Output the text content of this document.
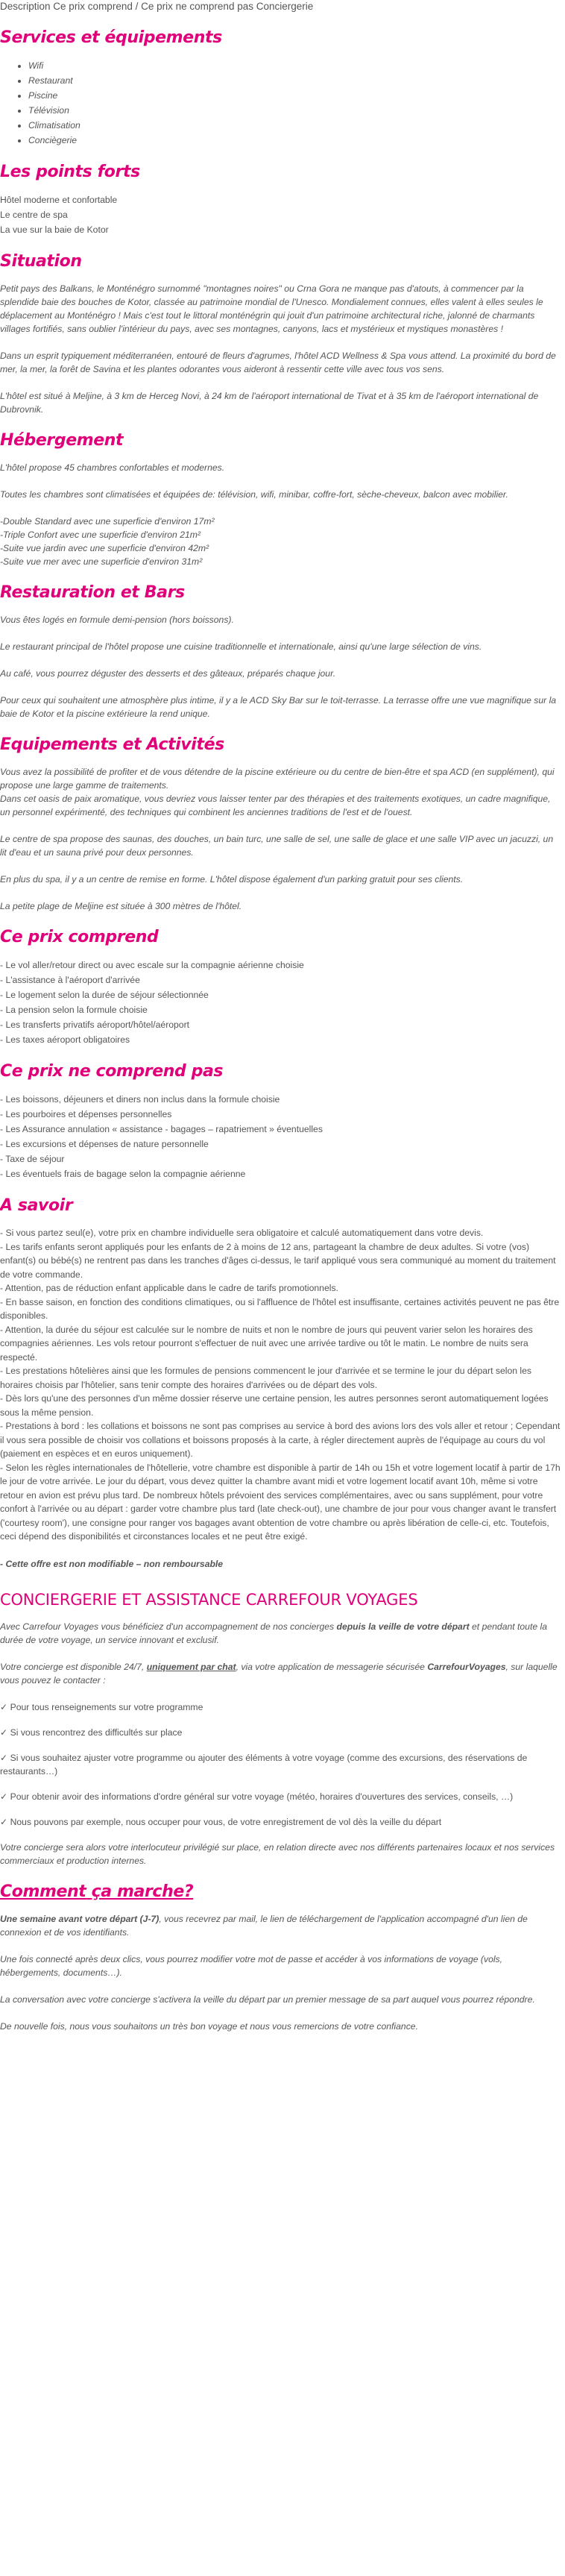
Description Ce prix comprend / Ce prix ne comprend pas Conciergerie
Services et équipements
• Wifi
• Restaurant
• Piscine
• Télévision
• Climatisation
• Conciègerie
Les points forts
Hôtel moderne et confortable
Le centre de spa
La vue sur la baie de Kotor
Situation

Petit pays des Balkans, le Monténégro surnommé "montagnes noires" ou Crna Gora ne manque pas d'atouts, à commencer par la splendide baie des bouches de Kotor, classée au patrimoine mondial de l'Unesco. Mondialement connues, elles valent à elles seules le déplacement au Monténégro ! Mais c'est tout le littoral monténégrin qui jouit d'un patrimoine architectural riche, jalonné de charmants villages fortifiés, sans oublier l'intérieur du pays, avec ses montagnes, canyons, lacs et mystérieux et mystiques monastères !

Dans un esprit typiquement méditerranéen, entouré de fleurs d'agrumes, l'hôtel ACD Wellness & Spa vous attend. La proximité du bord de mer, la mer, la forêt de Savina et les plantes odorantes vous aideront à ressentir cette ville avec tous vos sens.

L'hôtel est situé à Meljine, à 3 km de Herceg Novi, à 24 km de l'aéroport international de Tivat et à 35 km de l'aéroport international de Dubrovnik.

Hébergement

L'hôtel propose 45 chambres confortables et modernes.

Toutes les chambres sont climatisées et équipées de: télévision, wifi, minibar, coffre-fort, sèche-cheveux, balcon avec mobilier.

-Double Standard avec une superficie d'environ 17m²
-Triple Confort avec une superficie d'environ 21m²
-Suite vue jardin avec une superficie d'environ 42m²
-Suite vue mer avec une superficie d'environ 31m²

Restauration et Bars

Vous êtes logés en formule demi-pension (hors boissons).

Le restaurant principal de l'hôtel propose une cuisine traditionnelle et internationale, ainsi qu'une large sélection de vins.

Au café, vous pourrez déguster des desserts et des gâteaux, préparés chaque jour.

Pour ceux qui souhaitent une atmosphère plus intime, il y a le ACD Sky Bar sur le toit-terrasse. La terrasse offre une vue magnifique sur la baie de Kotor et la piscine extérieure la rend unique.

Equipements et Activités

Vous avez la possibilité de profiter et de vous détendre de la piscine extérieure ou du centre de bien-être et spa ACD (en supplément), qui propose une large gamme de traitements.
Dans cet oasis de paix aromatique, vous devriez vous laisser tenter par des thérapies et des traitements exotiques, un cadre magnifique, un personnel expérimenté, des techniques qui combinent les anciennes traditions de l'est et de l'ouest.

Le centre de spa propose des saunas, des douches, un bain turc, une salle de sel, une salle de glace et une salle VIP avec un jacuzzi, un lit d'eau et un sauna privé pour deux personnes.

En plus du spa, il y a un centre de remise en forme. L'hôtel dispose également d'un parking gratuit pour ses clients.

La petite plage de Meljine est située à 300 mètres de l'hôtel.

Ce prix comprend
- Le vol aller/retour direct ou avec escale sur la compagnie aérienne choisie
- L'assistance à l'aéroport d'arrivée
- Le logement selon la durée de séjour sélectionnée
- La pension selon la formule choisie
- Les transferts privatifs aéroport/hôtel/aéroport
- Les taxes aéroport obligatoires
Ce prix ne comprend pas
- Les boissons, déjeuners et diners non inclus dans la formule choisie
- Les pourboires et dépenses personnelles
- Les Assurance annulation « assistance - bagages – rapatriement » éventuelles
- Les excursions et dépenses de nature personnelle
- Taxe de séjour
- Les éventuels frais de bagage selon la compagnie aérienne
A savoir
- Si vous partez seul(e), votre prix en chambre individuelle sera obligatoire et calculé automatiquement dans votre devis.
- Les tarifs enfants seront appliqués pour les enfants de 2 à moins de 12 ans, partageant la chambre de deux adultes. Si votre (vos) enfant(s) ou bébé(s) ne rentrent pas dans les tranches d'âges ci-dessus, le tarif appliqué vous sera communiqué au moment du traitement de votre commande.
- Attention, pas de réduction enfant applicable dans le cadre de tarifs promotionnels.
- En basse saison, en fonction des conditions climatiques, ou si l'affluence de l'hôtel est insuffisante, certaines activités peuvent ne pas être disponibles.
- Attention, la durée du séjour est calculée sur le nombre de nuits et non le nombre de jours qui peuvent varier selon les horaires des compagnies aériennes. Les vols retour pourront s'effectuer de nuit avec une arrivée tardive ou tôt le matin. Le nombre de nuits sera respecté.
- Les prestations hôtelières ainsi que les formules de pensions commencent le jour d'arrivée et se termine le jour du départ selon les horaires choisis par l'hôtelier, sans tenir compte des horaires d'arrivées ou de départ des vols.
- Dès lors qu'une des personnes d'un même dossier réserve une certaine pension, les autres personnes seront automatiquement logées sous la même pension.
- Prestations à bord : les collations et boissons ne sont pas comprises au service à bord des avions lors des vols aller et retour ; Cependant il vous sera possible de choisir vos collations et boissons proposés à la carte, à régler directement auprès de l'équipage au cours du vol (paiement en espèces et en euros uniquement).
- Selon les règles internationales de l'hôtellerie, votre chambre est disponible à partir de 14h ou 15h et votre logement locatif à partir de 17h le jour de votre arrivée. Le jour du départ, vous devez quitter la chambre avant midi et votre logement locatif avant 10h, même si votre retour en avion est prévu plus tard. De nombreux hôtels prévoient des services complémentaires, avec ou sans supplément, pour votre confort à l'arrivée ou au départ : garder votre chambre plus tard (late check-out), une chambre de jour pour vous changer avant le transfert ('courtesy room'), une consigne pour ranger vos bagages avant obtention de votre chambre ou après libération de celle-ci, etc. Toutefois, ceci dépend des disponibilités et circonstances locales et ne peut être exigé.
- Cette offre est non modifiable – non remboursable
CONCIERGERIE ET ASSISTANCE CARREFOUR VOYAGES

Avec Carrefour Voyages vous bénéficiez d'un accompagnement de nos concierges depuis la veille de votre départ et pendant toute la durée de votre voyage, un service innovant et exclusif.

Votre concierge est disponible 24/7, uniquement par chat, via votre application de messagerie sécurisée CarrefourVoyages, sur laquelle vous pouvez le contacter :

✓ Pour tous renseignements sur votre programme
✓ Si vous rencontrez des difficultés sur place
✓ Si vous souhaitez ajuster votre programme ou ajouter des éléments à votre voyage (comme des excursions, des réservations de restaurants…)
✓ Pour obtenir avoir des informations d'ordre général sur votre voyage (météo, horaires d'ouvertures des services, conseils, …)
✓ Nous pouvons par exemple, nous occuper pour vous, de votre enregistrement de vol dès la veille du départ

Votre concierge sera alors votre interlocuteur privilégié sur place, en relation directe avec nos différents partenaires locaux et nos services commerciaux et production internes.

Comment ça marche?

Une semaine avant votre départ (J-7), vous recevrez par mail, le lien de téléchargement de l'application accompagné d'un lien de connexion et de vos identifiants.

Une fois connecté après deux clics, vous pourrez modifier votre mot de passe et accéder à vos informations de voyage (vols, hébergements, documents…).

La conversation avec votre concierge s'activera la veille du départ par un premier message de sa part auquel vous pourrez répondre.

De nouvelle fois, nous vous souhaitons un très bon voyage et nous vous remercions de votre confiance.
